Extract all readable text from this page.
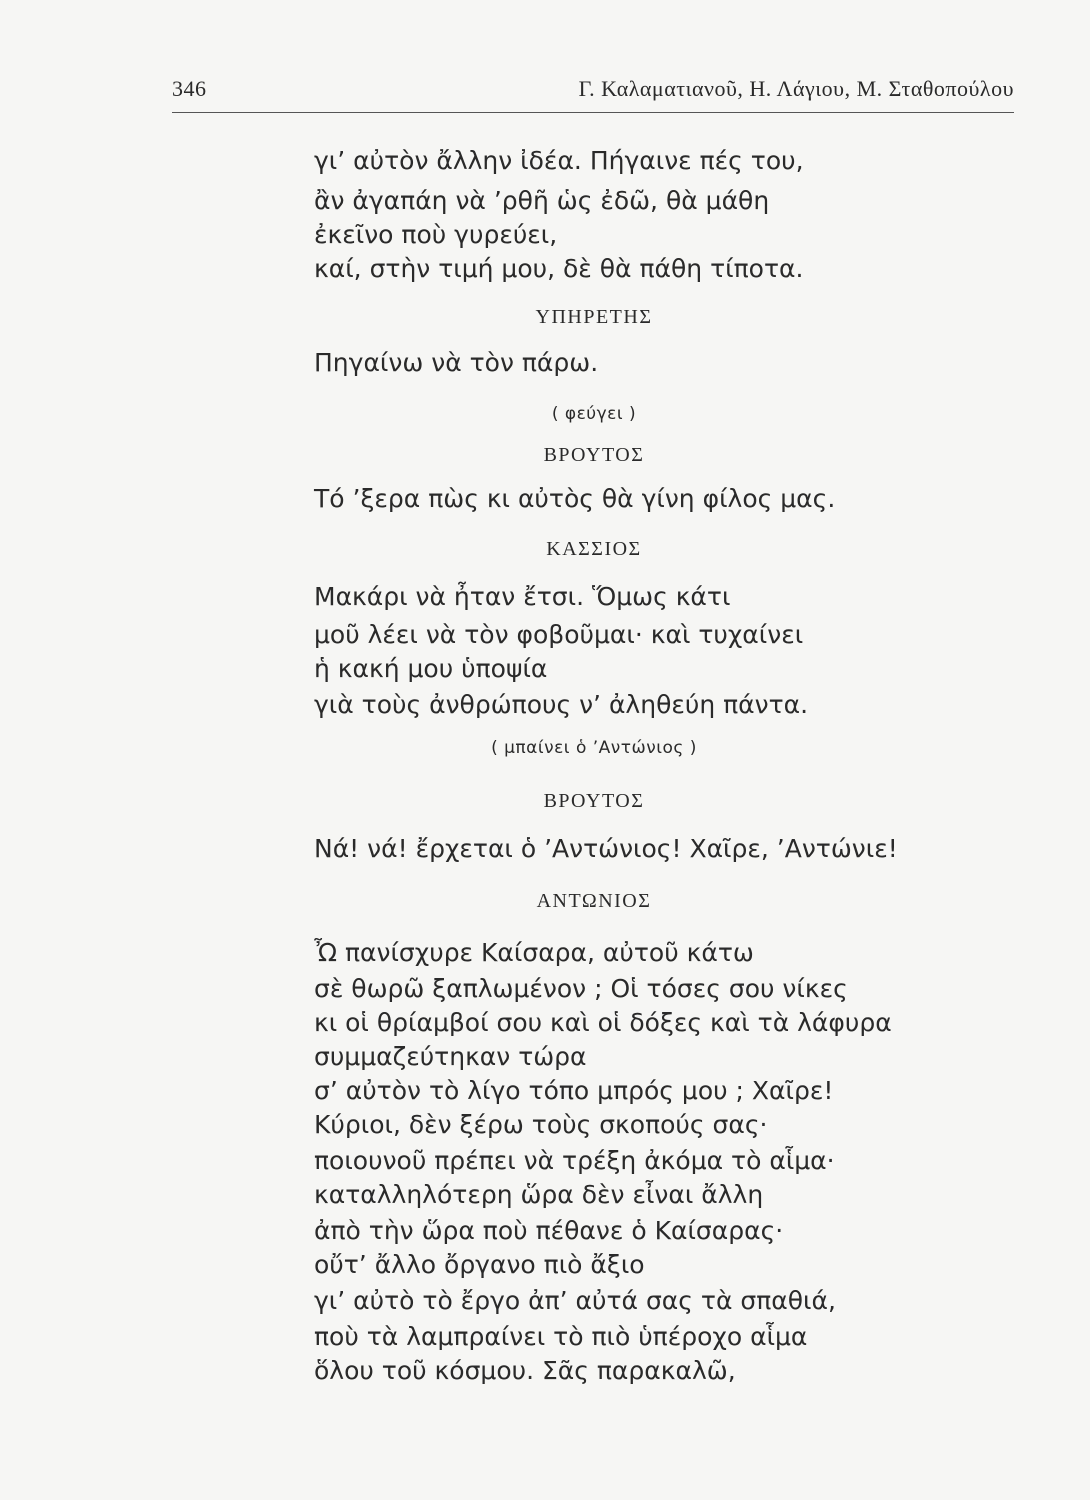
346	Γ. Καλαματιανοῦ, Η. Λάγιου, Μ. Σταθοπούλου
γι’ αὐτὸν ἄλλην ἰδέα. Πήγαινε πές του,
ἂν ἀγαπάη νὰ ’ρθῆ ὡς ἐδῶ, θὰ μάθη
ἐκεῖνο ποὺ γυρεύει,
καί, στὴν τιμή μου, δὲ θὰ πάθη τίποτα.
ΥΠΗΡΕΤΗΣ
Πηγαίνω νὰ τὸν πάρω.
( φεύγει )
ΒΡΟΥΤΟΣ
Τό ’ξερα πὼς κι αὐτὸς θὰ γίνη φίλος μας.
ΚΑΣΣΙΟΣ
Μακάρι νὰ ἦταν ἔτσι. Ὅμως κάτι
μοῦ λέει νὰ τὸν φοβοῦμαι· καὶ τυχαίνει
ἡ κακή μου ὑποψία
γιὰ τοὺς ἀνθρώπους ν’ ἀληθεύη πάντα.
( μπαίνει ὁ ’Αντώνιος )
ΒΡΟΥΤΟΣ
Νά! νά! ἔρχεται ὁ ’Αντώνιος! Χαῖρε, ’Αντώνιε!
ΑΝΤΩΝΙΟΣ
Ὦ πανίσχυρε Καίσαρα, αὐτοῦ κάτω
σὲ θωρῶ ξαπλωμένον ; Οἱ τόσες σου νίκες
κι οἱ θρίαμβοί σου καὶ οἱ δόξες καὶ τὰ λάφυρα
συμμαζεύτηκαν τώρα
σ’ αὐτὸν τὸ λίγο τόπο μπρός μου ; Χαῖρε!
Κύριοι, δὲν ξέρω τοὺς σκοπούς σας·
ποιουνοῦ πρέπει νὰ τρέξη ἀκόμα τὸ αἷμα·
καταλληλότερη ὥρα δὲν εἶναι ἄλλη
ἀπὸ τὴν ὥρα ποὺ πέθανε ὁ Καίσαρας·
οὔτ’ ἄλλο ὄργανο πιὸ ἄξιο
γι’ αὐτὸ τὸ ἔργο ἀπ’ αὐτά σας τὰ σπαθιά,
ποὺ τὰ λαμπραίνει τὸ πιὸ ὑπέροχο αἷμα
ὅλου τοῦ κόσμου. Σᾶς παρακαλῶ,
